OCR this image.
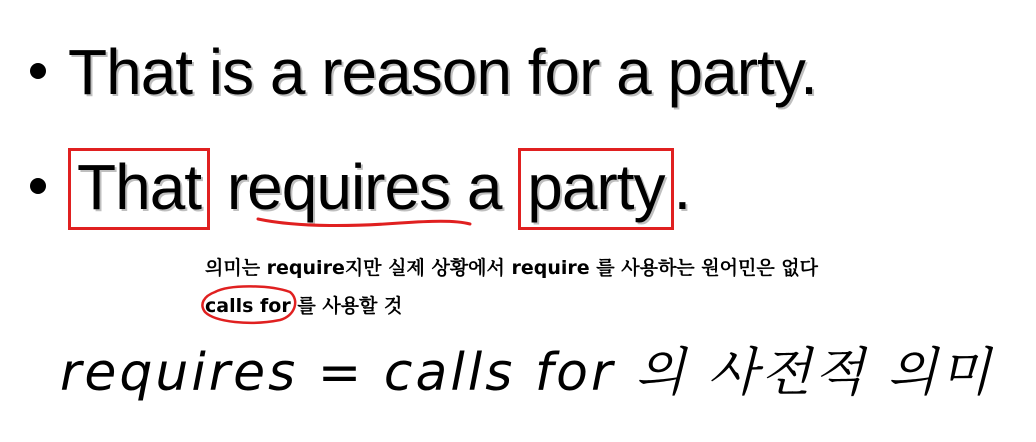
That is a reason for a party.
That requires a party .
의미는 require지만 실제 상황에서 require 를 사용하는 원어민은 없다
calls for 를 사용할 것
requires = calls for 의 사전적 의미
